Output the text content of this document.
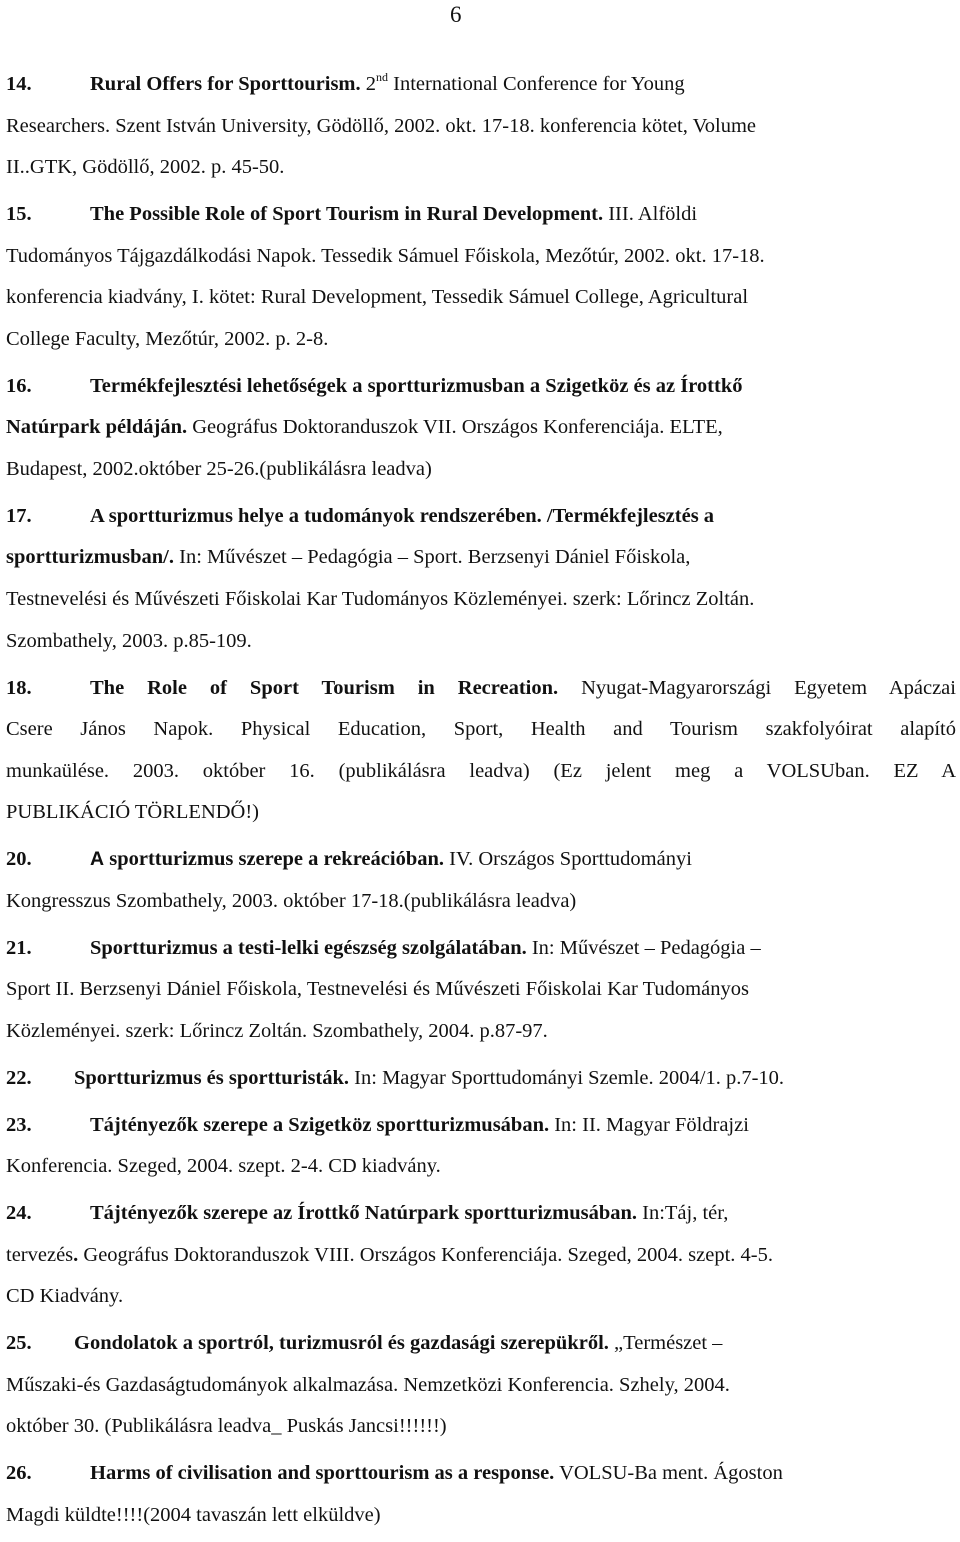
6
14.	Rural Offers for Sporttourism. 2nd International Conference for Young
Researchers. Szent István University, Gödöllő, 2002. okt. 17-18. konferencia kötet, Volume
II..GTK, Gödöllő, 2002. p. 45-50.
15.	The Possible Role of Sport Tourism in Rural Development. III. Alföldi
Tudományos Tájgazdálkodási Napok. Tessedik Sámuel Főiskola, Mezőtúr, 2002. okt. 17-18.
konferencia kiadvány, I. kötet: Rural Development, Tessedik Sámuel College, Agricultural
College Faculty, Mezőtúr, 2002. p. 2-8.
16.	Termékfejlesztési lehetőségek a sportturizmusban a Szigetköz és az Írottkő
Natúrpark példáján. Geográfus Doktoranduszok VII. Országos Konferenciája. ELTE,
Budapest, 2002.október 25-26.(publikálásra leadva)
17.	A sportturizmus helye a tudományok rendszerében. /Termékfejlesztés a
sportturizmusban/. In: Művészet – Pedagógia – Sport. Berzsenyi Dániel Főiskola,
Testnevelési és Művészeti Főiskolai Kar Tudományos Közleményei. szerk: Lőrincz Zoltán.
Szombathely, 2003. p.85-109.
18.	The Role of Sport Tourism in Recreation. Nyugat-Magyarországi Egyetem Apáczai
Csere János Napok. Physical Education, Sport, Health and Tourism szakfolyóirat alapító
munkaülése. 2003. október 16. (publikálásra leadva) (Ez jelent meg a VOLSUban. EZ A
PUBLIKÁCIÓ TÖRLENDŐ!)
20.	A sportturizmus szerepe a rekreációban. IV. Országos Sporttudományi
Kongresszus Szombathely, 2003. október 17-18.(publikálásra leadva)
21.	Sportturizmus a testi-lelki egészség szolgálatában. In: Művészet – Pedagógia –
Sport II. Berzsenyi Dániel Főiskola, Testnevelési és Művészeti Főiskolai Kar Tudományos
Közleményei. szerk: Lőrincz Zoltán. Szombathely, 2004. p.87-97.
22. Sportturizmus és sportturisták. In: Magyar Sporttudományi Szemle. 2004/1. p.7-10.
23.	Tájtényezők szerepe a Szigetköz sportturizmusában. In: II. Magyar Földrajzi
Konferencia. Szeged, 2004. szept. 2-4. CD kiadvány.
24.	Tájtényezők szerepe az Írottkő Natúrpark sportturizmusában. In:Táj, tér,
tervezés. Geográfus Doktoranduszok VIII. Országos Konferenciája. Szeged, 2004. szept. 4-5.
CD Kiadvány.
25. Gondolatok a sportról, turizmusról és gazdasági szerepükről. „Természet –
Műszaki-és Gazdaságtudományok alkalmazása. Nemzetközi Konferencia. Szhely, 2004.
október 30. (Publikálásra leadva_ Puskás Jancsi!!!!!!)
26.	Harms of civilisation and sporttourism as a response. VOLSU-Ba ment. Ágoston
Magdi küldte!!!!(2004 tavaszán lett elküldve)
